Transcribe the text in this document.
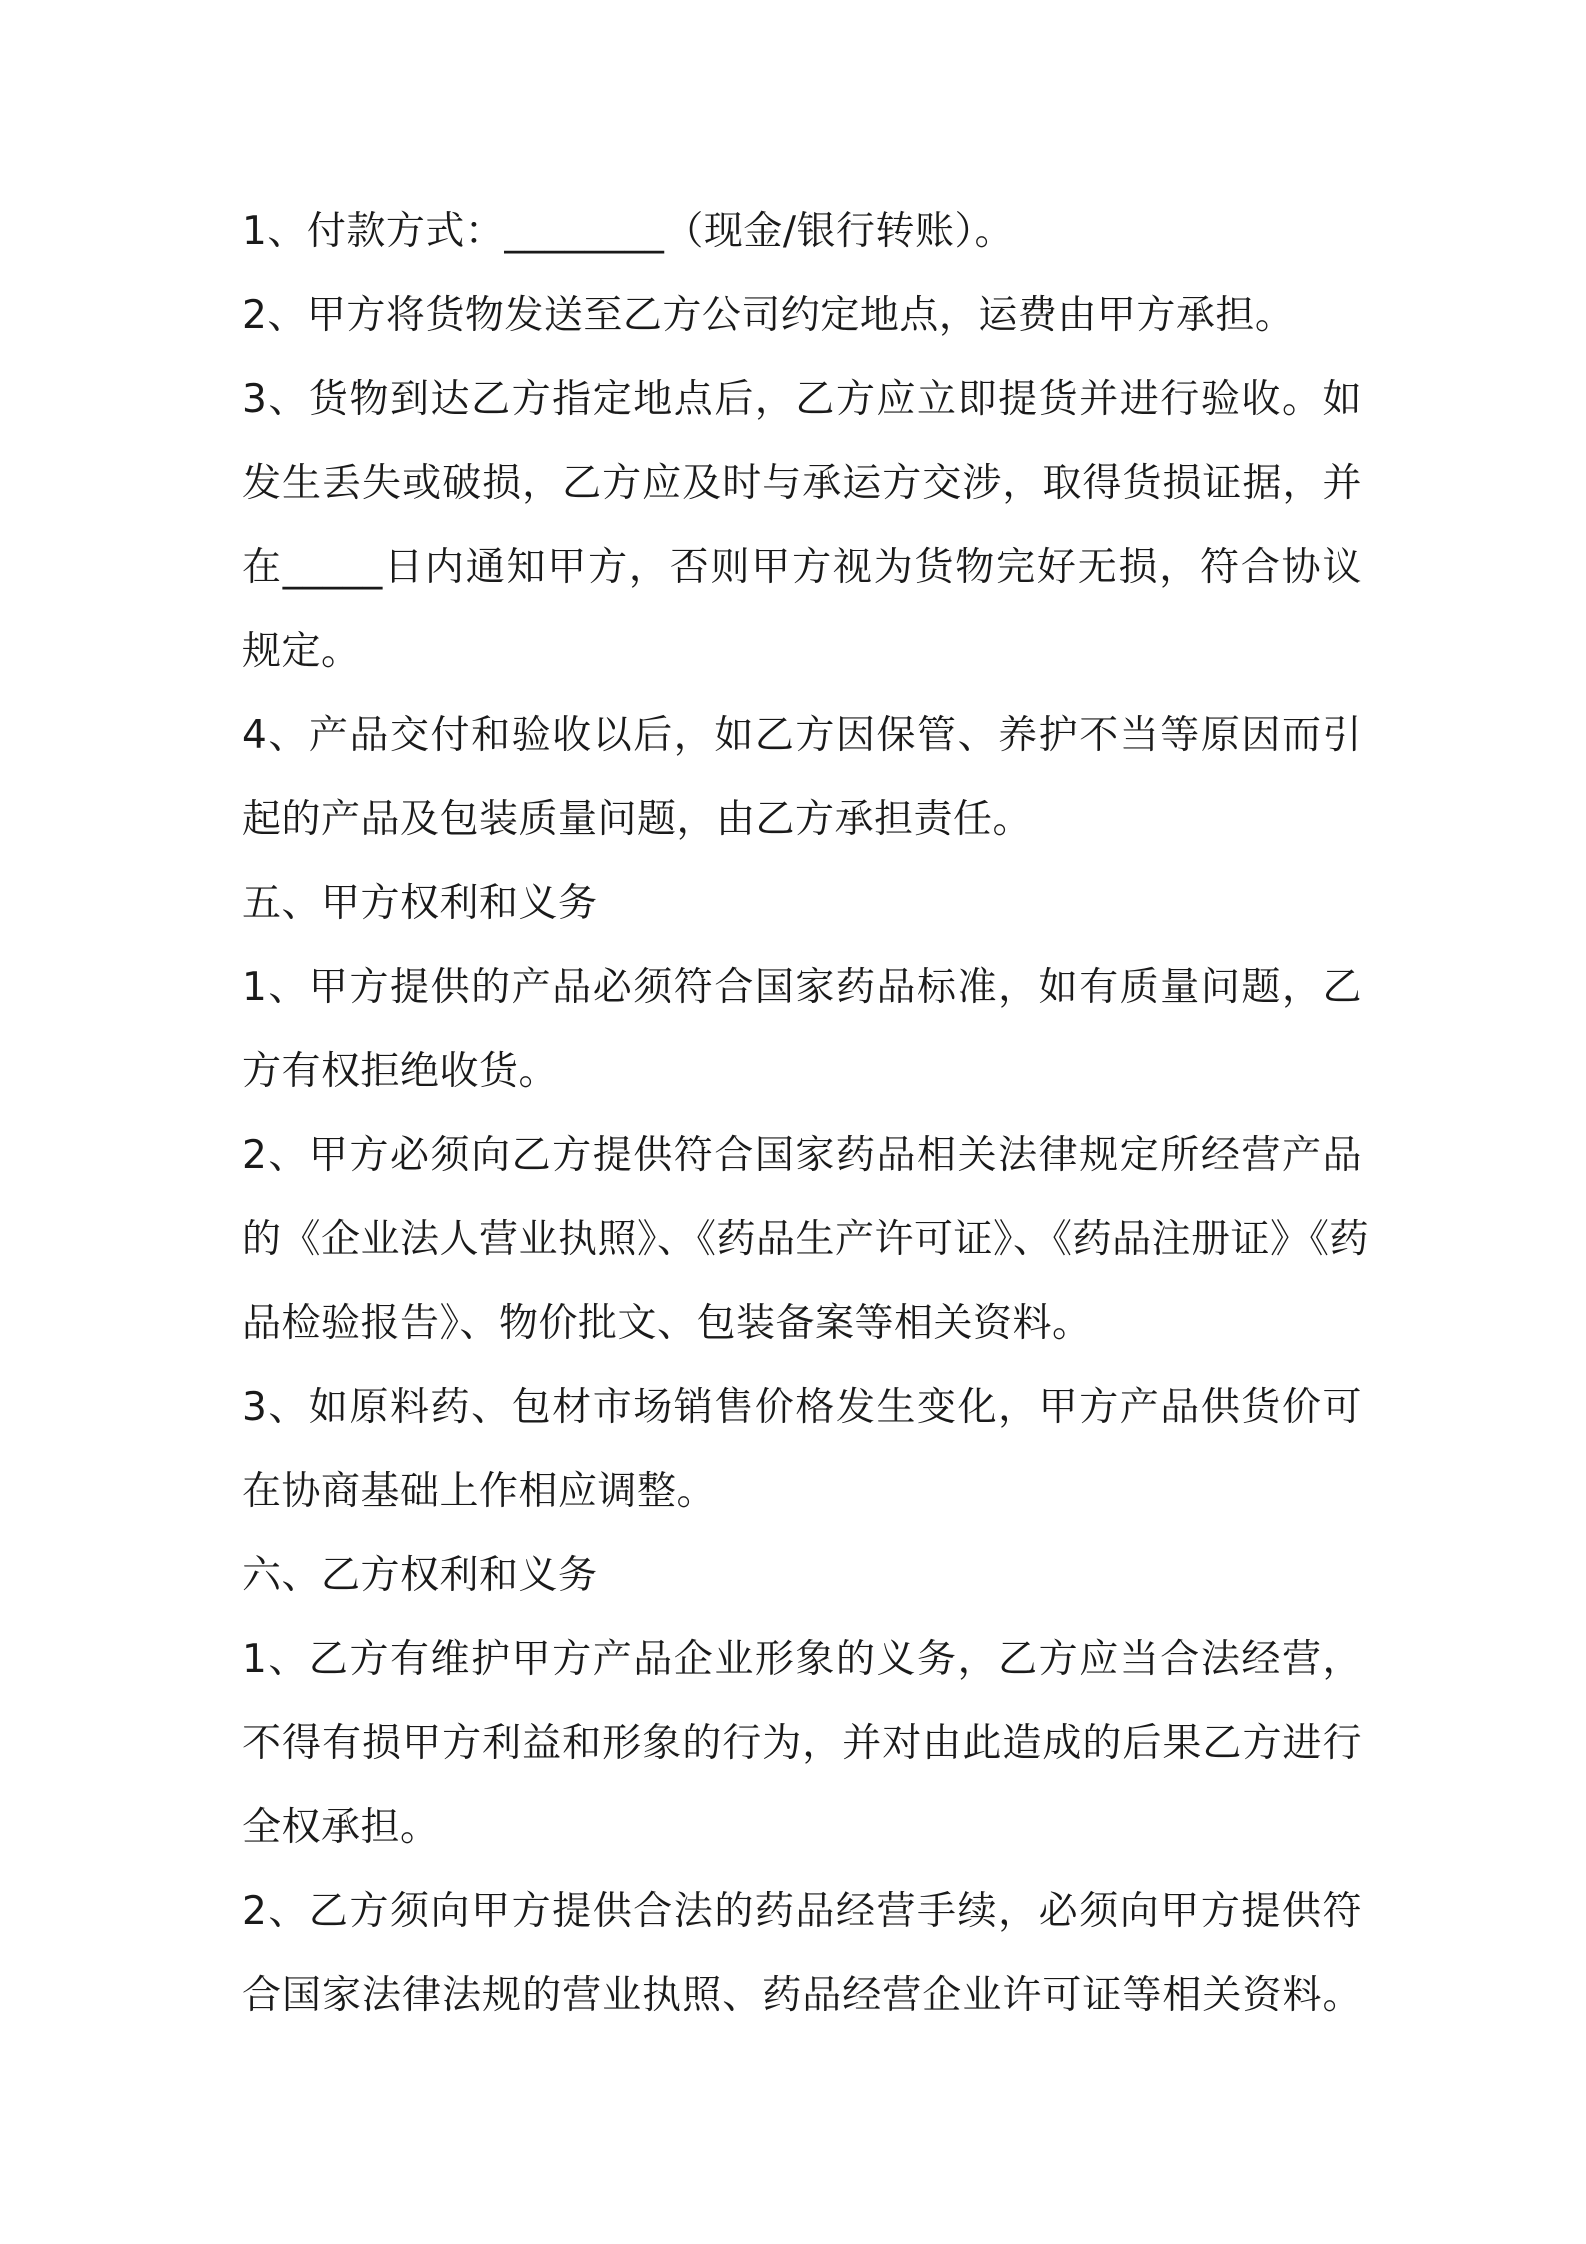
1、付款方式：________（现金/银行转账）。
2、甲方将货物发送至乙方公司约定地点，运费由甲方承担。
3、货物到达乙方指定地点后，乙方应立即提货并进行验收。如
发生丢失或破损，乙方应及时与承运方交涉，取得货损证据，并
在_____日内通知甲方，否则甲方视为货物完好无损，符合协议
规定。
4、产品交付和验收以后，如乙方因保管、养护不当等原因而引
起的产品及包装质量问题，由乙方承担责任。
五、甲方权利和义务
1、甲方提供的产品必须符合国家药品标准，如有质量问题，乙
方有权拒绝收货。
2、甲方必须向乙方提供符合国家药品相关法律规定所经营产品
的《企业法人营业执照》、《药品生产许可证》、《药品注册证》《药
品检验报告》、物价批文、包装备案等相关资料。
3、如原料药、包材市场销售价格发生变化，甲方产品供货价可
在协商基础上作相应调整。
六、乙方权利和义务
1、乙方有维护甲方产品企业形象的义务，乙方应当合法经营，
不得有损甲方利益和形象的行为，并对由此造成的后果乙方进行
全权承担。
2、乙方须向甲方提供合法的药品经营手续，必须向甲方提供符
合国家法律法规的营业执照、药品经营企业许可证等相关资料。
